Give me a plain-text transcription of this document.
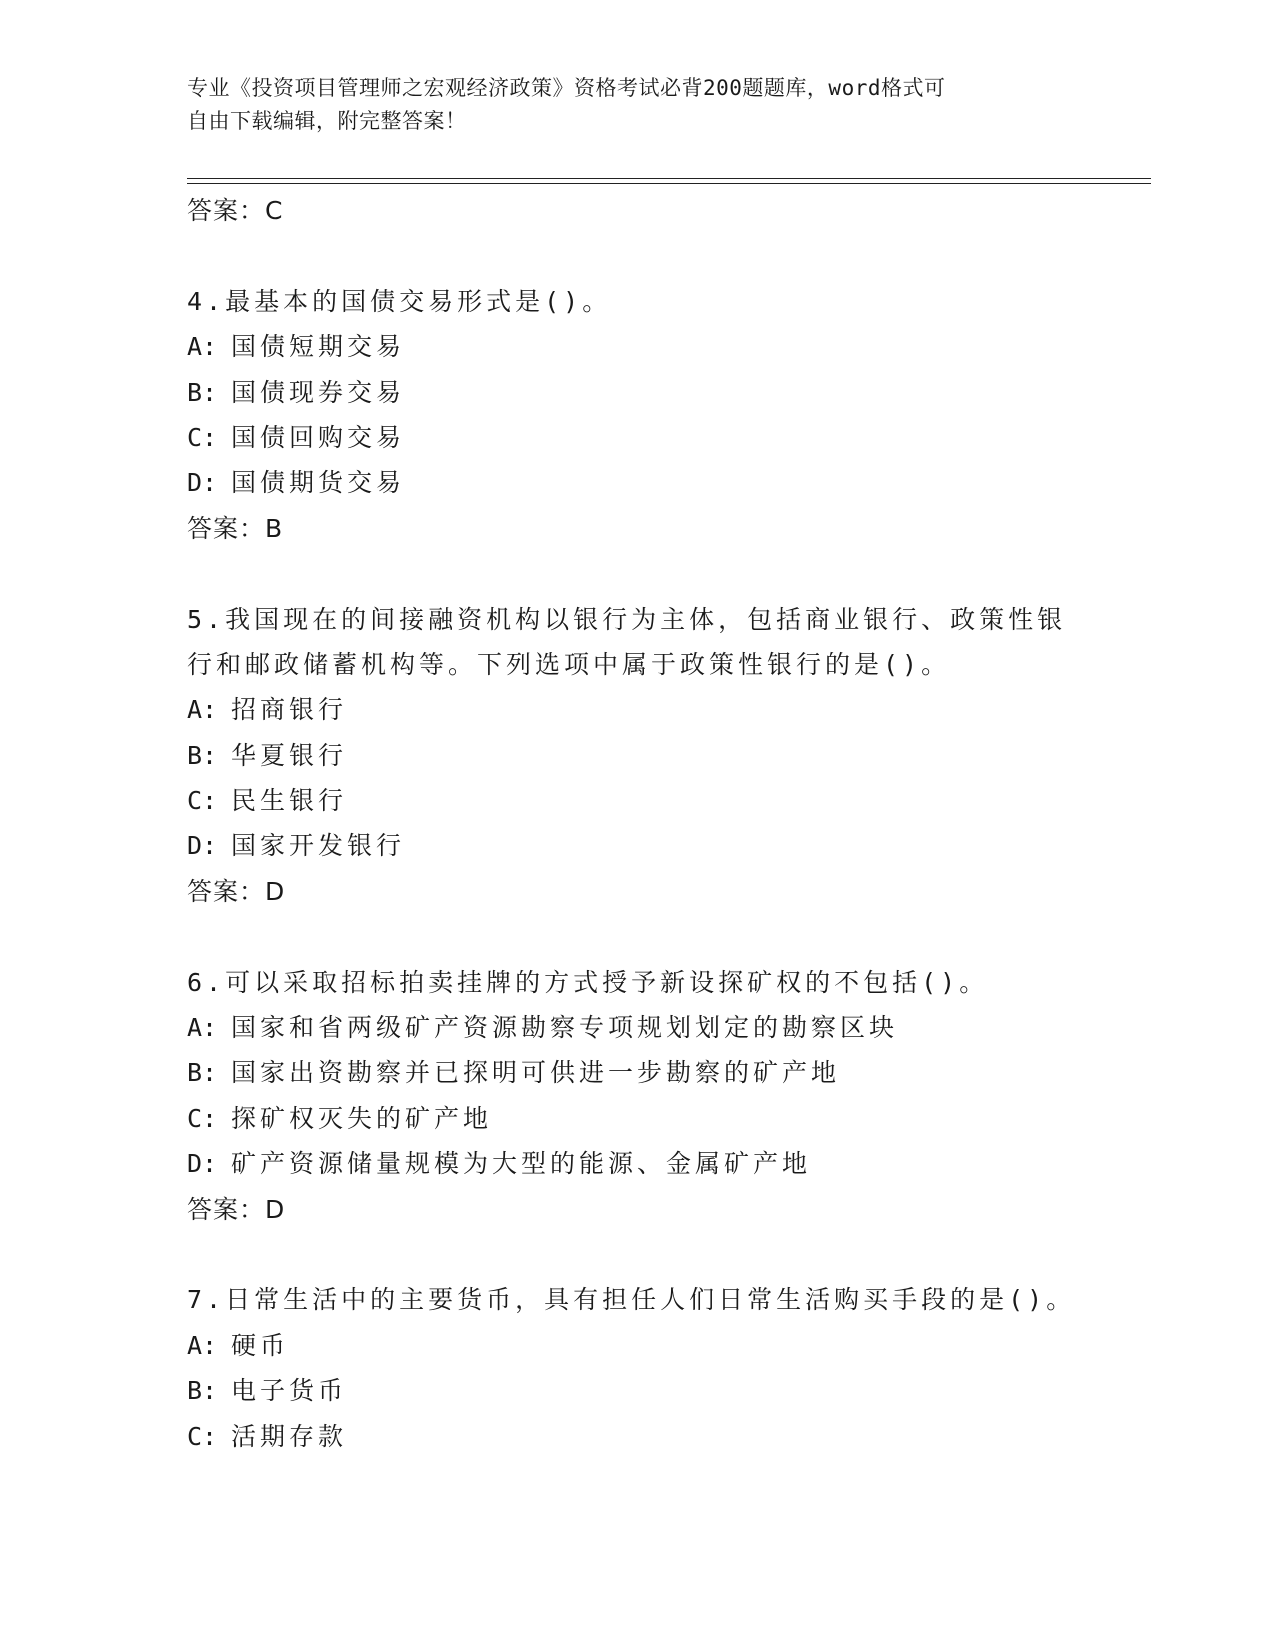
专业《投资项目管理师之宏观经济政策》资格考试必背200题题库，word格式可
自由下载编辑，附完整答案！
答案：C
4.最基本的国债交易形式是()。
A: 国债短期交易
B: 国债现券交易
C: 国债回购交易
D: 国债期货交易
答案：B
5.我国现在的间接融资机构以银行为主体，包括商业银行、政策性银
行和邮政储蓄机构等。下列选项中属于政策性银行的是()。
A: 招商银行
B: 华夏银行
C: 民生银行
D: 国家开发银行
答案：D
6.可以采取招标拍卖挂牌的方式授予新设探矿权的不包括()。
A: 国家和省两级矿产资源勘察专项规划划定的勘察区块
B: 国家出资勘察并已探明可供进一步勘察的矿产地
C: 探矿权灭失的矿产地
D: 矿产资源储量规模为大型的能源、金属矿产地
答案：D
7.日常生活中的主要货币，具有担任人们日常生活购买手段的是()。
A: 硬币
B: 电子货币
C: 活期存款
